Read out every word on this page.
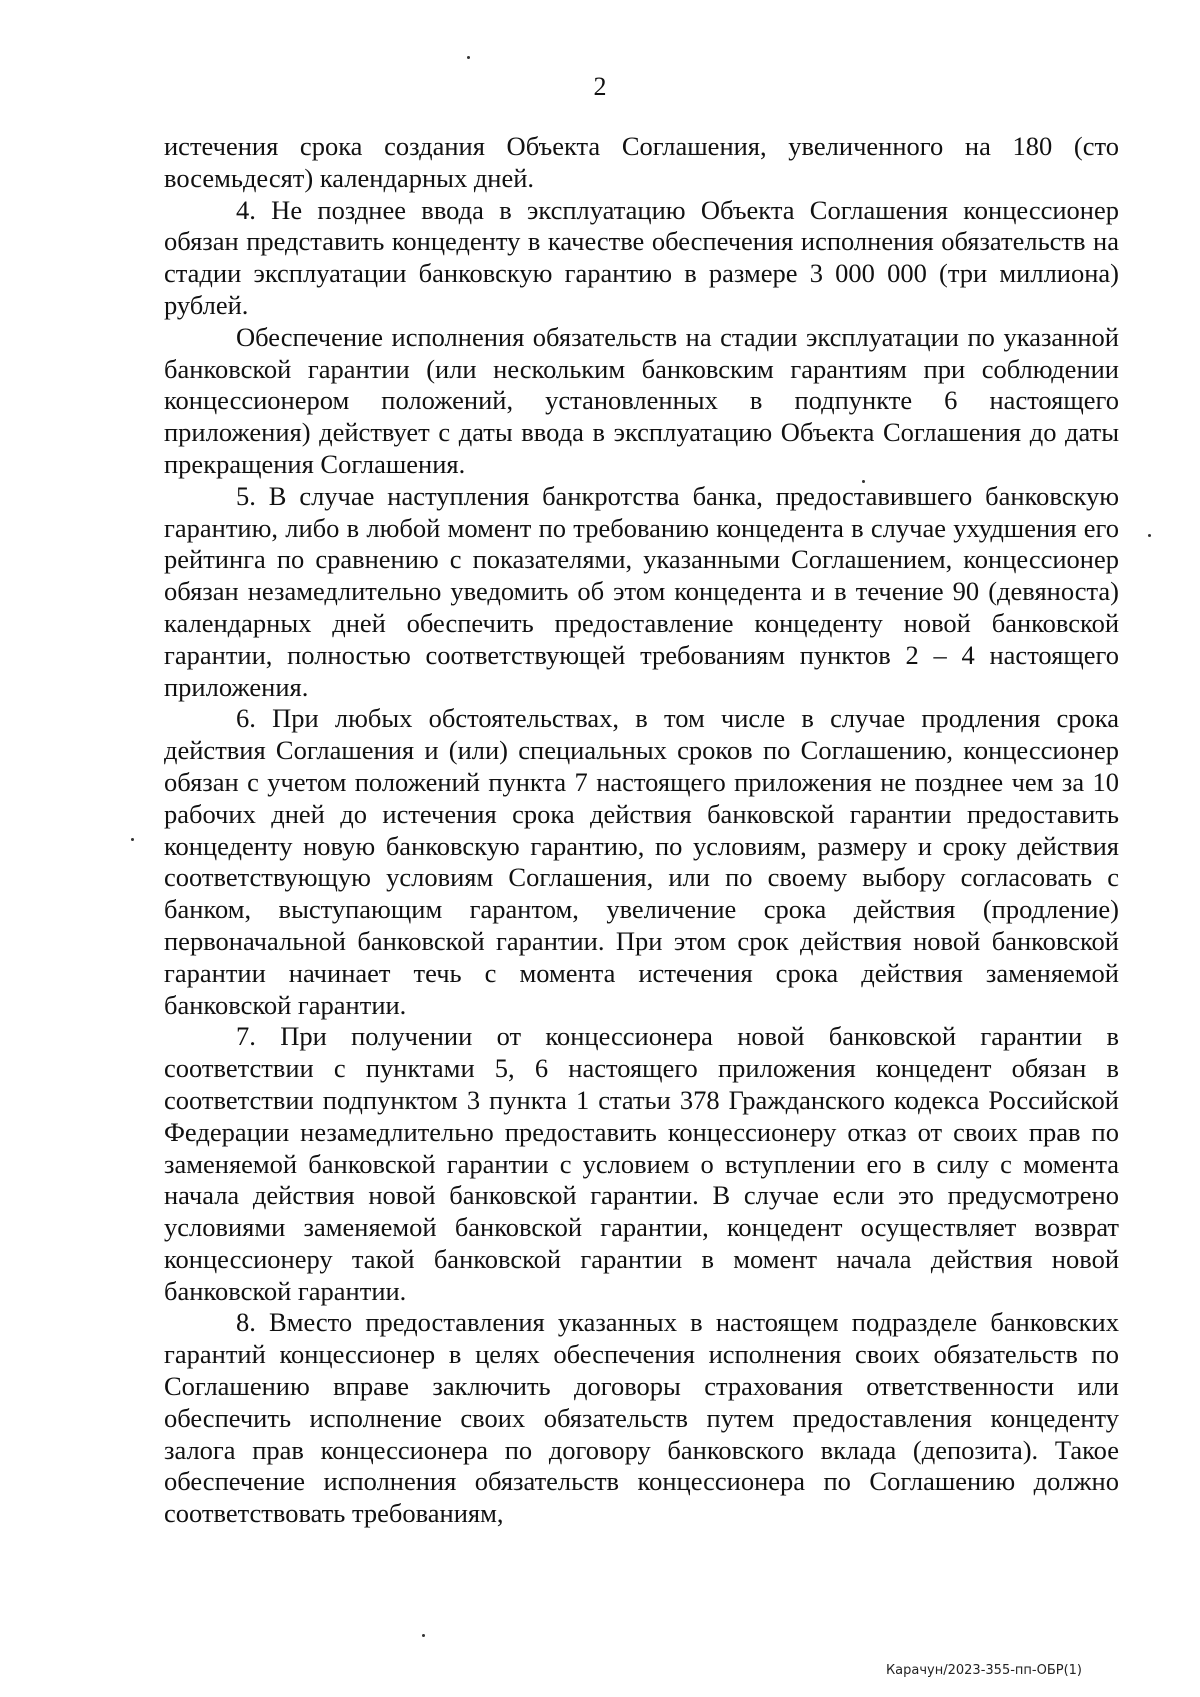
2

истечения срока создания Объекта Соглашения, увеличенного на 180 (сто восемьдесят) календарных дней.

4. Не позднее ввода в эксплуатацию Объекта Соглашения концессионер обязан представить концеденту в качестве обеспечения исполнения обязательств на стадии эксплуатации банковскую гарантию в размере 3 000 000 (три миллиона) рублей.

Обеспечение исполнения обязательств на стадии эксплуатации по указанной банковской гарантии (или нескольким банковским гарантиям при соблюдении концессионером положений, установленных в подпункте 6 настоящего приложения) действует с даты ввода в эксплуатацию Объекта Соглашения до даты прекращения Соглашения.

5. В случае наступления банкротства банка, предоставившего банковскую гарантию, либо в любой момент по требованию концедента в случае ухудшения его рейтинга по сравнению с показателями, указанными Соглашением, концессионер обязан незамедлительно уведомить об этом концедента и в течение 90 (девяноста) календарных дней обеспечить предоставление концеденту новой банковской гарантии, полностью соответствующей требованиям пунктов 2 – 4 настоящего приложения.

6. При любых обстоятельствах, в том числе в случае продления срока действия Соглашения и (или) специальных сроков по Соглашению, концессионер обязан с учетом положений пункта 7 настоящего приложения не позднее чем за 10 рабочих дней до истечения срока действия банковской гарантии предоставить концеденту новую банковскую гарантию, по условиям, размеру и сроку действия соответствующую условиям Соглашения, или по своему выбору согласовать с банком, выступающим гарантом, увеличение срока действия (продление) первоначальной банковской гарантии. При этом срок действия новой банковской гарантии начинает течь с момента истечения срока действия заменяемой банковской гарантии.

7. При получении от концессионера новой банковской гарантии в соответствии с пунктами 5, 6 настоящего приложения концедент обязан в соответствии подпунктом 3 пункта 1 статьи 378 Гражданского кодекса Российской Федерации незамедлительно предоставить концессионеру отказ от своих прав по заменяемой банковской гарантии с условием о вступлении его в силу с момента начала действия новой банковской гарантии. В случае если это предусмотрено условиями заменяемой банковской гарантии, концедент осуществляет возврат концессионеру такой банковской гарантии в момент начала действия новой банковской гарантии.

8. Вместо предоставления указанных в настоящем подразделе банковских гарантий концессионер в целях обеспечения исполнения своих обязательств по Соглашению вправе заключить договоры страхования ответственности или обеспечить исполнение своих обязательств путем предоставления концеденту залога прав концессионера по договору банковского вклада (депозита). Такое обеспечение исполнения обязательств концессионера по Соглашению должно соответствовать требованиям,

Карачун/2023-355-пп-ОБР(1)
